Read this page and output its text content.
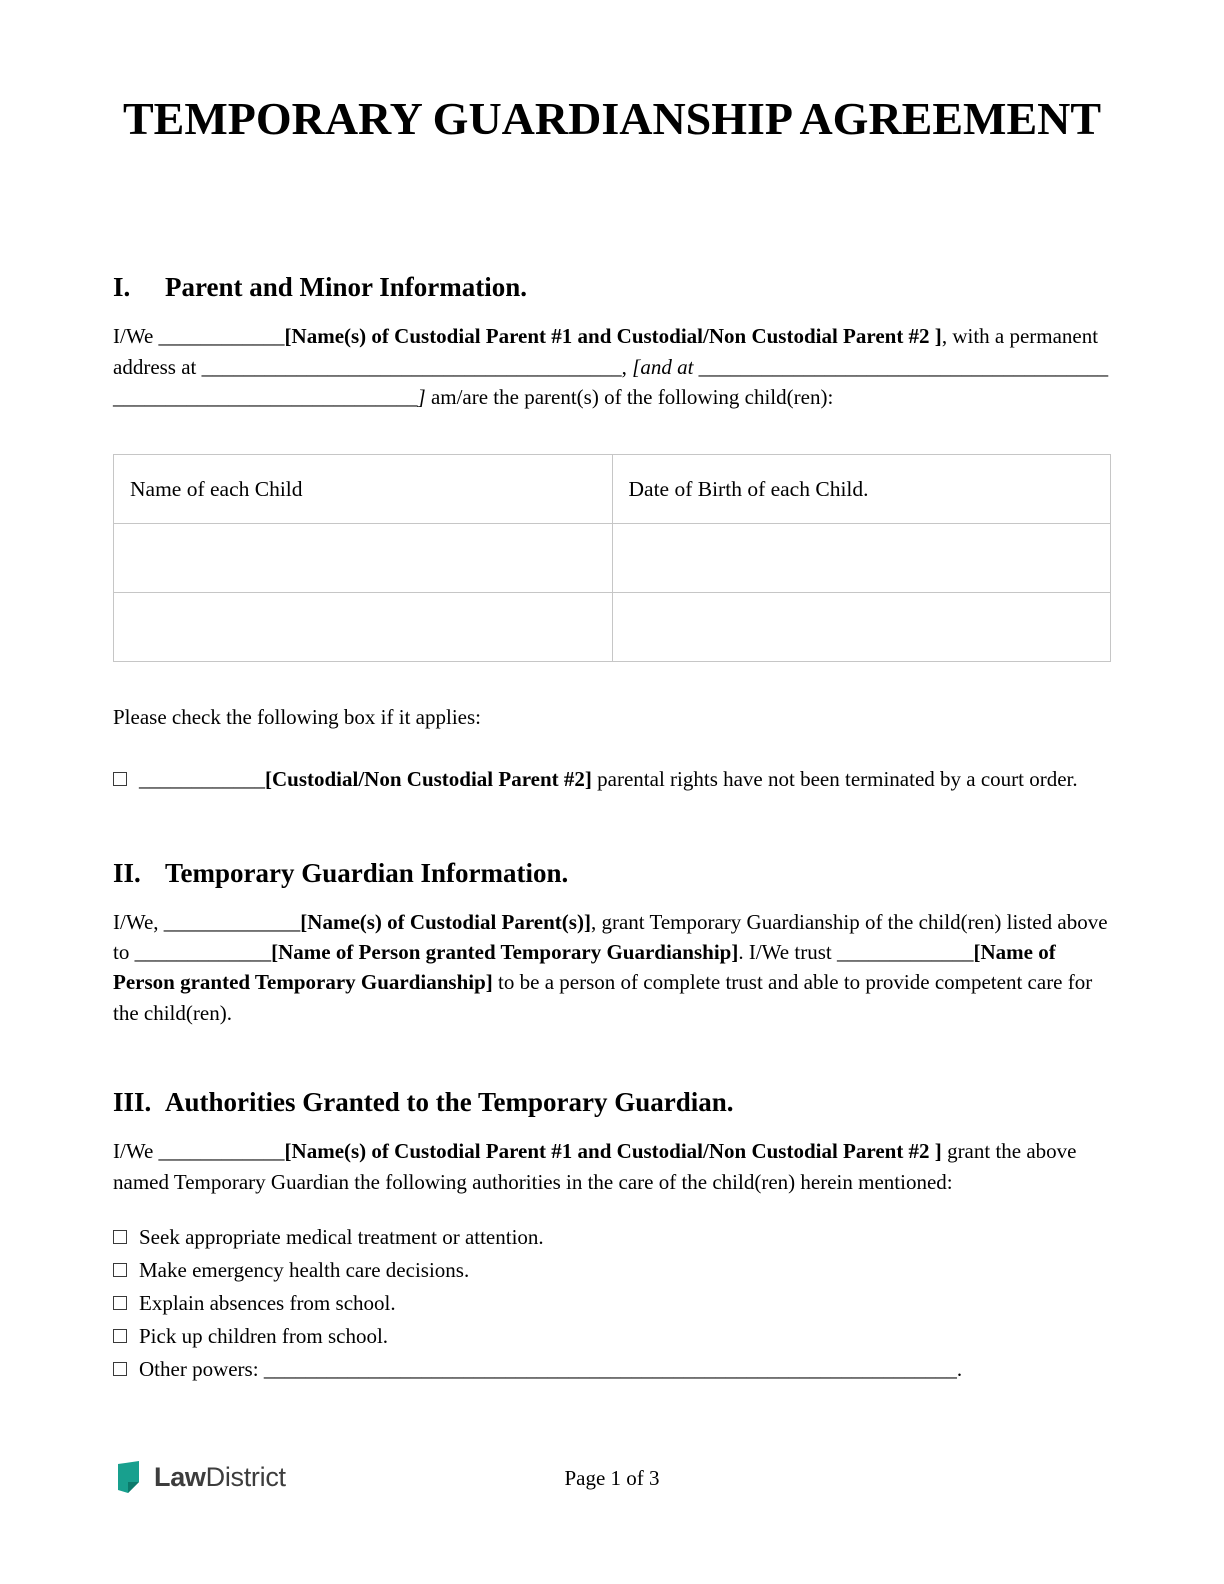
TEMPORARY GUARDIANSHIP AGREEMENT
I. Parent and Minor Information.

I/We ____________[Name(s) of Custodial Parent #1 and Custodial/Non Custodial Parent #2 ], with a permanent address at ________________________________________, [and at ____________________________________________________________________] am/are the parent(s) of the following child(ren):

Name of each Child	Date of Birth of each Child.

Please check the following box if it applies:

____________[Custodial/Non Custodial Parent #2] parental rights have not been terminated by a court order.
II. Temporary Guardian Information.

I/We, _____________[Name(s) of Custodial Parent(s)], grant Temporary Guardianship of the child(ren) listed above to _____________[Name of Person granted Temporary Guardianship]. I/We trust _____________[Name of Person granted Temporary Guardianship] to be a person of complete trust and able to provide competent care for the child(ren).

III. Authorities Granted to the Temporary Guardian.

I/We ____________[Name(s) of Custodial Parent #1 and Custodial/Non Custodial Parent #2 ] grant the above named Temporary Guardian the following authorities in the care of the child(ren) herein mentioned:

Seek appropriate medical treatment or attention.
Make emergency health care decisions.
Explain absences from school.
Pick up children from school.
Other powers: __________________________________________________________________.
LawDistrict	Page 1 of 3
